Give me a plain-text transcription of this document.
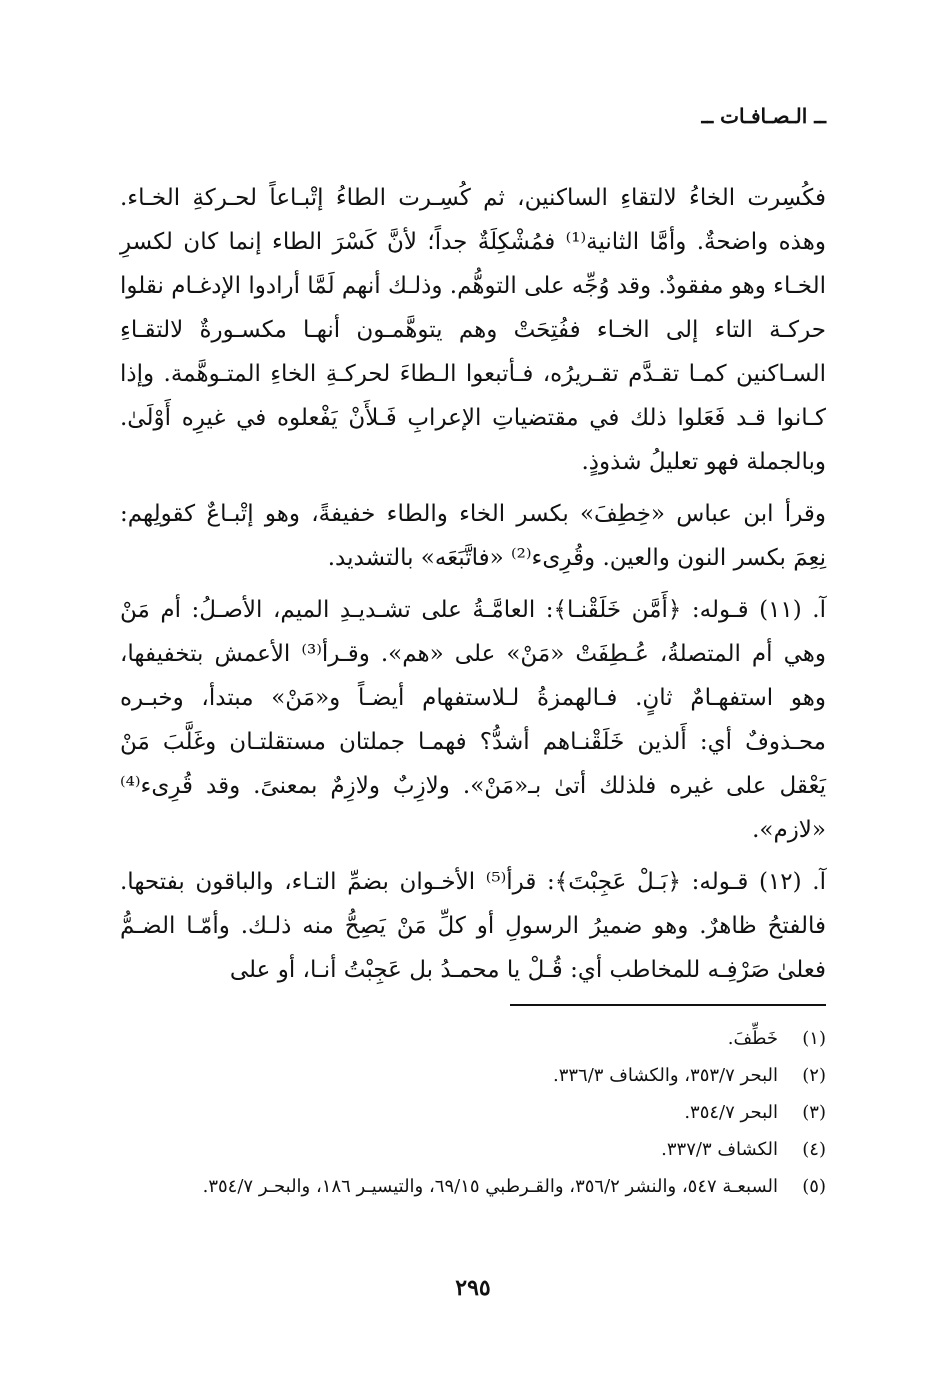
ــ الـصـافـات ــ

فكُسِرت الخاءُ لالتقاءِ الساكنين، ثم كُسِـرت الطاءُ إتْبـاعاً لحـركةِ الخـاء. وهذه واضحةٌ. وأمَّا الثانية⁽¹⁾ فمُشْكِلَةٌ جداً؛ لأنَّ كَسْرَ الطاء إنما كان لكسرِ الخـاء وهو مفقودٌ. وقد وُجِّه على التوهُّم. وذلـك أنهم لَمَّا أرادوا الإدغـام نقلوا حركـة التاء إلى الخـاء ففُتِحَتْ وهم يتوهَّمـون أنهـا مكسـورةٌ لالتقـاءِ السـاكنين كمـا تقـدَّم تقـريرُه، فـأتبعوا الـطاءَ لحركـةِ الخاءِ المتـوهَّمة. وإذا كـانوا قـد فَعَلوا ذلك في مقتضياتِ الإعرابِ فَـلأَنْ يَفْعلوه في غيرِه أَوْلَىٰ. وبالجملة فهو تعليلُ شذوذٍ.

وقرأ ابن عباس «خِطِفَ» بكسر الخاء والطاء خفيفةً، وهو إتْبـاعٌ كقولِهم: نِعِمَ بكسر النون والعين. وقُرِىء⁽²⁾ «فاتَّبَعَه» بالتشديد.

آ. (١١) قـوله: ﴿أَمَّن خَلَقْنـا﴾: العامَّـةُ على تشـديـدِ الميم، الأصـلُ: أم مَنْ وهي أم المتصلةُ، عُـطِفَتْ «مَنْ» على «هم». وقـرأ⁽³⁾ الأعمش بتخفيفها، وهو استفهـامٌ ثانٍ. فـالهمزةُ لـلاستفهام أيضـاً و«مَنْ» مبتدأ، وخبـره محـذوفٌ أي: أَلذين خَلَقْنـاهم أشدُّ؟ فهمـا جملتان مستقلتـان وغَلَّبَ مَنْ يَعْقل على غيره فلذلك أتىٰ بـ«مَنْ». ولازِبٌ ولازِمٌ بمعنىً. وقد قُرِىء⁽⁴⁾ «لازم».

آ. (١٢) قـوله: ﴿بَـلْ عَجِبْتَ﴾: قرأ⁽⁵⁾ الأخـوان بضمِّ التـاء، والباقون بفتحها. فالفتحُ ظاهرٌ. وهو ضميرُ الرسولِ أو كلِّ مَنْ يَصِحُّ منه ذلـك. وأمّـا الضـمُّ فعلىٰ صَرْفِـه للمخاطب أي: قُـلْ يا محمـدُ بل عَجِبْتُ أنـا، أو على

(١)
خَطِّفَ.
(٢)
البحر ٣٥٣/٧، والكشاف ٣٣٦/٣.
(٣)
البحر ٣٥٤/٧.
(٤)
الكشاف ٣٣٧/٣.
(٥)
السبعـة ٥٤٧، والنشر ٣٥٦/٢، والقـرطبي ٦٩/١٥، والتيسيـر ١٨٦، والبحـر ٣٥٤/٧.
٢٩٥
